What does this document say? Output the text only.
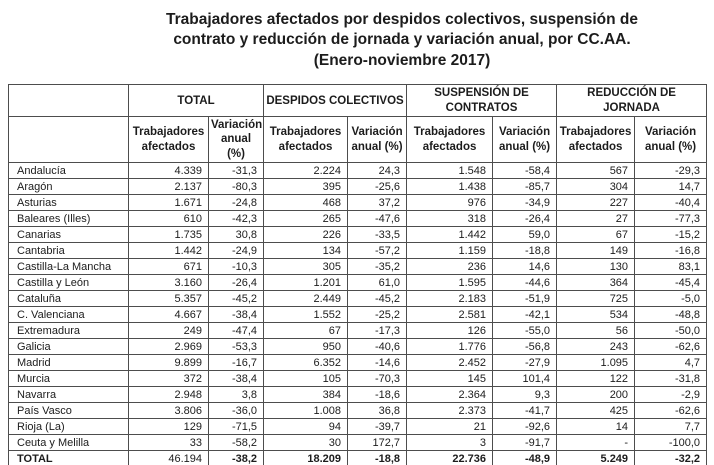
Trabajadores afectados por despidos colectivos, suspensión de
contrato y reducción de jornada y variación anual, por CC.AA.
(Enero-noviembre 2017)
	TOTAL		DESPIDOS COLECTIVOS		SUSPENSIÓN DE CONTRATOS		REDUCCIÓN DE JORNADA	
	Trabajadores afectados	Variación anual (%)	Trabajadores afectados	Variación anual (%)	Trabajadores afectados	Variación anual (%)	Trabajadores afectados	Variación anual (%)
Andalucía	4.339	-31,3	2.224	24,3	1.548	-58,4	567	-29,3
Aragón	2.137	-80,3	395	-25,6	1.438	-85,7	304	14,7
Asturias	1.671	-24,8	468	37,2	976	-34,9	227	-40,4
Baleares (Illes)	610	-42,3	265	-47,6	318	-26,4	27	-77,3
Canarias	1.735	30,8	226	-33,5	1.442	59,0	67	-15,2
Cantabria	1.442	-24,9	134	-57,2	1.159	-18,8	149	-16,8
Castilla-La Mancha	671	-10,3	305	-35,2	236	14,6	130	83,1
Castilla y León	3.160	-26,4	1.201	61,0	1.595	-44,6	364	-45,4
Cataluña	5.357	-45,2	2.449	-45,2	2.183	-51,9	725	-5,0
C. Valenciana	4.667	-38,4	1.552	-25,2	2.581	-42,1	534	-48,8
Extremadura	249	-47,4	67	-17,3	126	-55,0	56	-50,0
Galicia	2.969	-53,3	950	-40,6	1.776	-56,8	243	-62,6
Madrid	9.899	-16,7	6.352	-14,6	2.452	-27,9	1.095	4,7
Murcia	372	-38,4	105	-70,3	145	101,4	122	-31,8
Navarra	2.948	3,8	384	-18,6	2.364	9,3	200	-2,9
País Vasco	3.806	-36,0	1.008	36,8	2.373	-41,7	425	-62,6
Rioja (La)	129	-71,5	94	-39,7	21	-92,6	14	7,7
Ceuta y Melilla	33	-58,2	30	172,7	3	-91,7	-	-100,0
TOTAL	46.194	-38,2	18.209	-18,8	22.736	-48,9	5.249	-32,2
